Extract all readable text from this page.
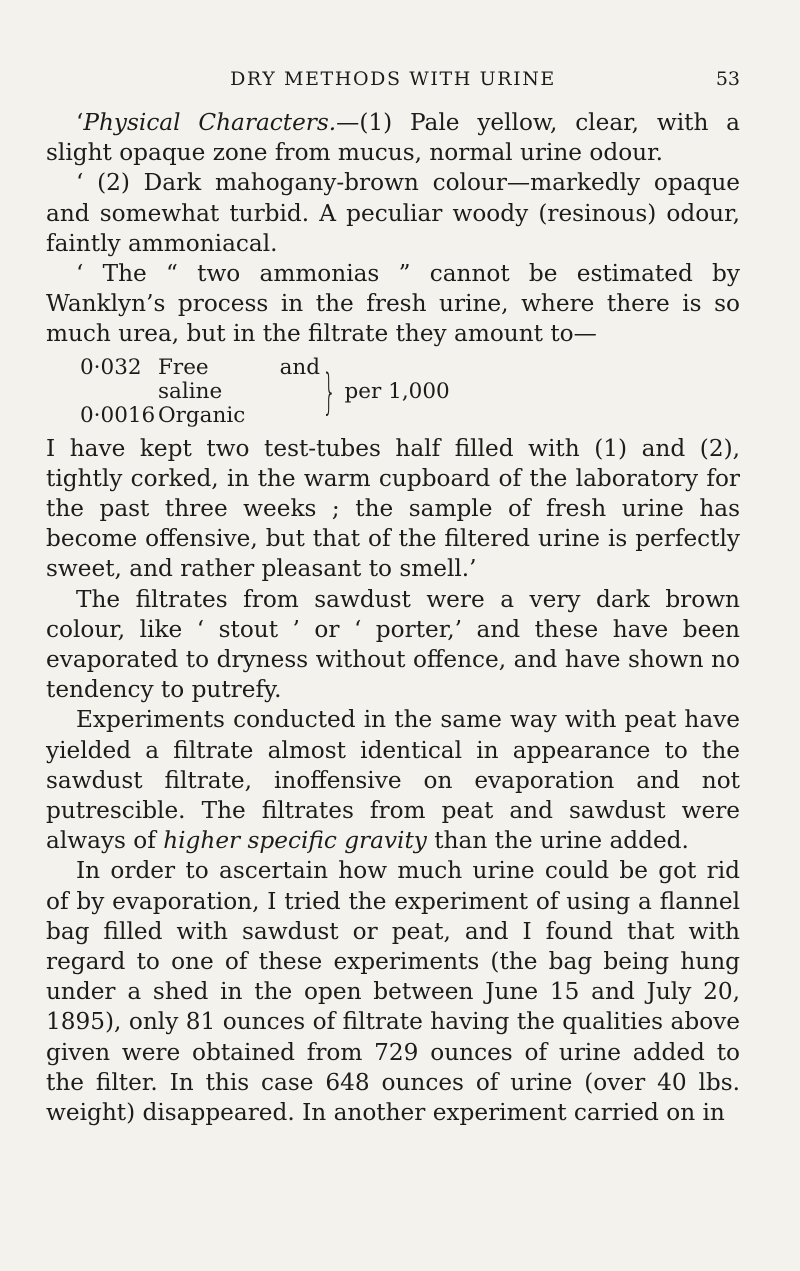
DRY METHODS WITH URINE	53

‘Physical Characters.—(1) Pale yellow, clear, with a slight opaque zone from mucus, normal urine odour.

‘ (2) Dark mahogany-brown colour—markedly opaque and somewhat turbid. A peculiar woody (resinous) odour, faintly ammoniacal.

‘ The “ two ammonias ” cannot be estimated by Wanklyn’s process in the fresh urine, where there is so much urea, but in the filtrate they amount to—

0·032 Free and saline
0·0016 Organic	} per 1,000

I have kept two test-tubes half filled with (1) and (2), tightly corked, in the warm cupboard of the laboratory for the past three weeks ; the sample of fresh urine has become offensive, but that of the filtered urine is perfectly sweet, and rather pleasant to smell.’

The filtrates from sawdust were a very dark brown colour, like ‘ stout ’ or ‘ porter,’ and these have been evaporated to dryness without offence, and have shown no tendency to putrefy.

Experiments conducted in the same way with peat have yielded a filtrate almost identical in appearance to the sawdust filtrate, inoffensive on evaporation and not putrescible. The filtrates from peat and sawdust were always of higher specific gravity than the urine added.

In order to ascertain how much urine could be got rid of by evaporation, I tried the experiment of using a flannel bag filled with sawdust or peat, and I found that with regard to one of these experiments (the bag being hung under a shed in the open between June 15 and July 20, 1895), only 81 ounces of filtrate having the qualities above given were obtained from 729 ounces of urine added to the filter. In this case 648 ounces of urine (over 40 lbs. weight) disappeared. In another experiment carried on in
